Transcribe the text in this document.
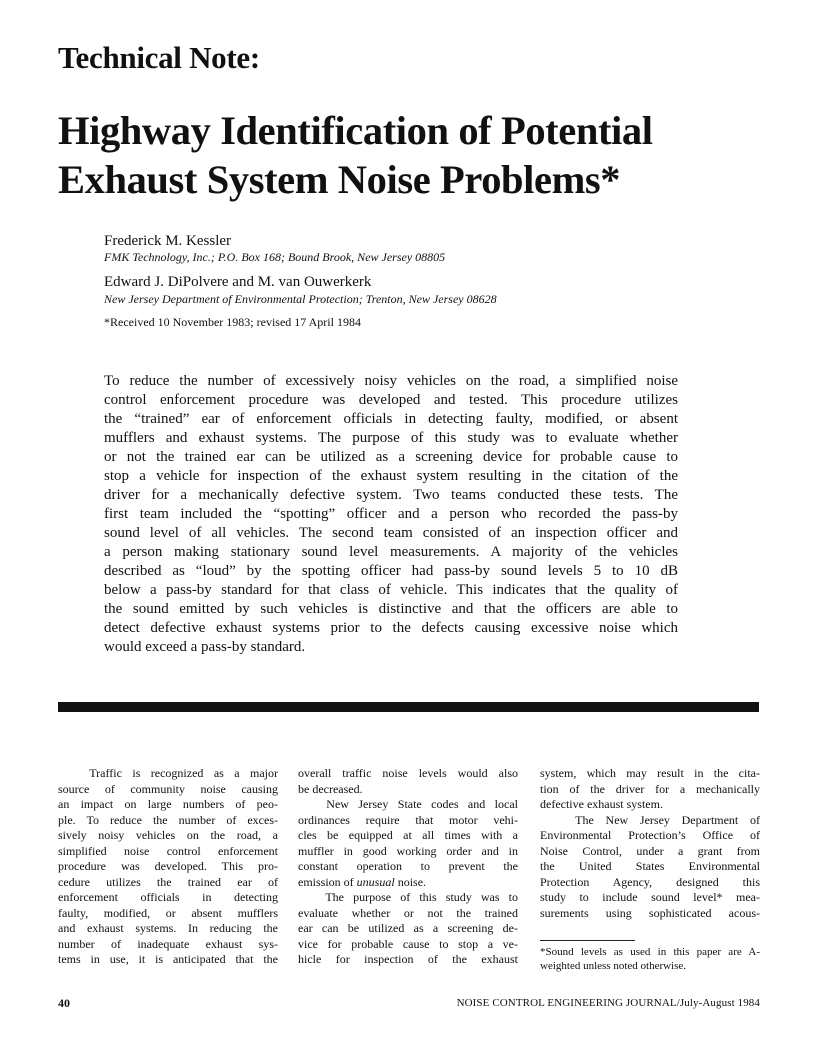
Technical Note:
Highway Identification of Potential
Exhaust System Noise Problems*
Frederick M. Kessler
FMK Technology, Inc.; P.O. Box 168; Bound Brook, New Jersey 08805
Edward J. DiPolvere and M. van Ouwerkerk
New Jersey Department of Environmental Protection; Trenton, New Jersey 08628
*Received 10 November 1983; revised 17 April 1984
To reduce the number of excessively noisy vehicles on the road, a simplified noise
control enforcement procedure was developed and tested. This procedure utilizes
the “trained” ear of enforcement officials in detecting faulty, modified, or absent
mufflers and exhaust systems. The purpose of this study was to evaluate whether
or not the trained ear can be utilized as a screening device for probable cause to
stop a vehicle for inspection of the exhaust system resulting in the citation of the
driver for a mechanically defective system. Two teams conducted these tests. The
first team included the “spotting” officer and a person who recorded the pass-by
sound level of all vehicles. The second team consisted of an inspection officer and
a person making stationary sound level measurements. A majority of the vehicles
described as “loud” by the spotting officer had pass-by sound levels 5 to 10 dB
below a pass-by standard for that class of vehicle. This indicates that the quality of
the sound emitted by such vehicles is distinctive and that the officers are able to
detect defective exhaust systems prior to the defects causing excessive noise which
would exceed a pass-by standard.
Traffic is recognized as a major
source of community noise causing
an impact on large numbers of peo-
ple. To reduce the number of exces-
sively noisy vehicles on the road, a
simplified noise control enforcement
procedure was developed. This pro-
cedure utilizes the trained ear of
enforcement officials in detecting
faulty, modified, or absent mufflers
and exhaust systems. In reducing the
number of inadequate exhaust sys-
tems in use, it is anticipated that the
overall traffic noise levels would also
be decreased.
New Jersey State codes and local
ordinances require that motor vehi-
cles be equipped at all times with a
muffler in good working order and in
constant operation to prevent the
emission of unusual noise.
The purpose of this study was to
evaluate whether or not the trained
ear can be utilized as a screening de-
vice for probable cause to stop a ve-
hicle for inspection of the exhaust
system, which may result in the cita-
tion of the driver for a mechanically
defective exhaust system.
The New Jersey Department of
Environmental Protection’s Office of
Noise Control, under a grant from
the United States Environmental
Protection Agency, designed this
study to include sound level* mea-
surements using sophisticated acous-
*Sound levels as used in this paper are A-
weighted unless noted otherwise.
40	NOISE CONTROL ENGINEERING JOURNAL/July-August 1984
